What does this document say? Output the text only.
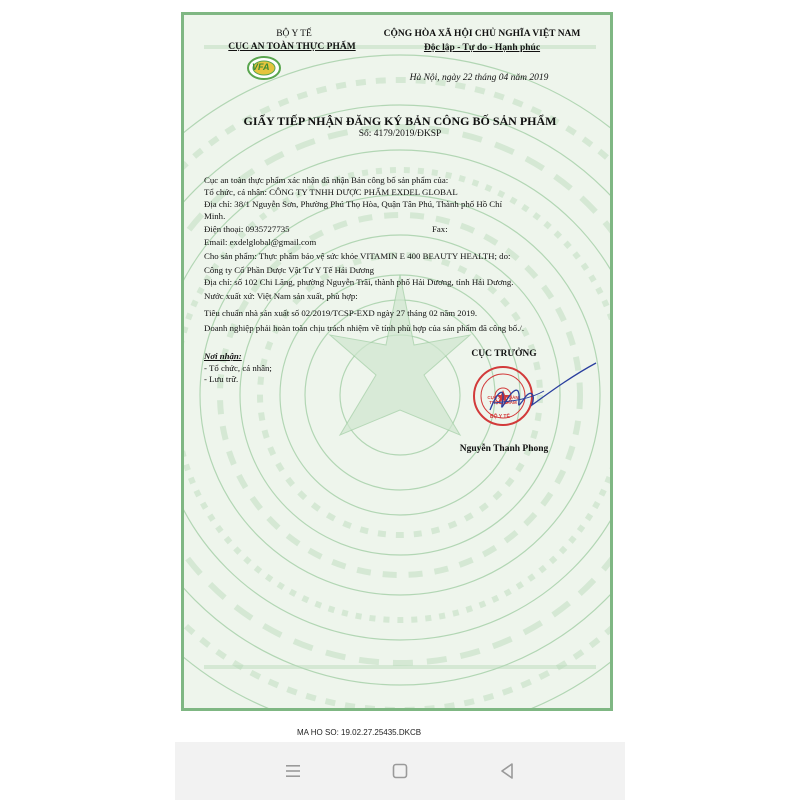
BỘ Y TẾ
CỤC AN TOÀN THỰC PHẨM
VFA
CỘNG HÒA XÃ HỘI CHỦ NGHĨA VIỆT NAM
Độc lập - Tự do - Hạnh phúc
Hà Nội, ngày 22 tháng 04 năm 2019
GIẤY TIẾP NHẬN ĐĂNG KÝ BẢN CÔNG BỐ SẢN PHẨM
Số: 4179/2019/ĐKSP
Cục an toàn thực phẩm xác nhận đã nhận Bản công bố sản phẩm của:
Tổ chức, cá nhân: CÔNG TY TNHH DƯỢC PHẨM EXDEL GLOBAL
Địa chỉ: 38/1 Nguyễn Sơn, Phường Phú Thọ Hòa, Quận Tân Phú, Thành phố Hồ Chí
Minh.
Điện thoại: 0935727735	Fax:
Email: exdelglobal@gmail.com
Cho sản phẩm: Thực phẩm bảo vệ sức khỏe VITAMIN E 400 BEAUTY HEALTH; do:
Công ty Cổ Phần Dược Vật Tư Y Tế Hải Dương
Địa chỉ: số 102 Chi Lăng, phường Nguyễn Trãi, thành phố Hải Dương, tỉnh Hải Dương.
Nước xuất xứ: Việt Nam sản xuất, phù hợp:
Tiêu chuẩn nhà sản xuất số 02/2019/TCSP-EXD ngày 27 tháng 02 năm 2019.
Doanh nghiệp phải hoàn toàn chịu trách nhiệm về tính phù hợp của sản phẩm đã công bố./.
Nơi nhận:
- Tổ chức, cá nhân;
- Lưu trữ.
CỤC TRƯỞNG
CỤC AN TOÀN THỰC PHẨM
BỘ Y TẾ
Nguyễn Thanh Phong
MA HO SO: 19.02.27.25435.DKCB
